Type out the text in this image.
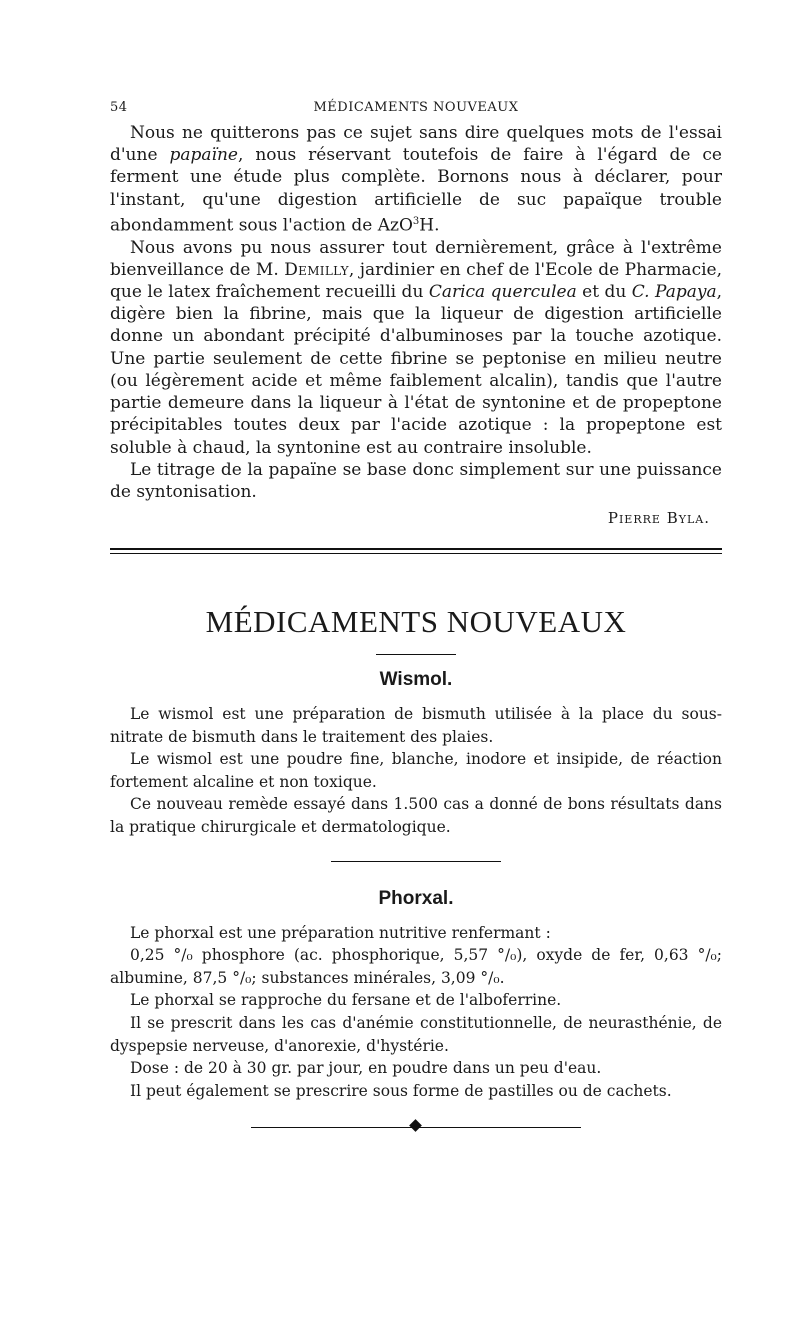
54	MÉDICAMENTS NOUVEAUX

Nous ne quitterons pas ce sujet sans dire quelques mots de l'essai d'une papaïne, nous réservant toutefois de faire à l'égard de ce ferment une étude plus complète. Bornons nous à déclarer, pour l'instant, qu'une digestion artificielle de suc papaïque trouble abondamment sous l'action de AzO$^3$H.

Nous avons pu nous assurer tout dernièrement, grâce à l'extrême bienveillance de M. Demilly, jardinier en chef de l'Ecole de Pharmacie, que le latex fraîchement recueilli du Carica querculea et du C. Papaya, digère bien la fibrine, mais que la liqueur de digestion artificielle donne un abondant précipité d'albuminoses par la touche azotique. Une partie seulement de cette fibrine se peptonise en milieu neutre (ou légèrement acide et même faiblement alcalin), tandis que l'autre partie demeure dans la liqueur à l'état de syntonine et de propeptone précipitables toutes deux par l'acide azotique : la propeptone est soluble à chaud, la syntonine est au contraire insoluble.

Le titrage de la papaïne se base donc simplement sur une puissance de syntonisation.

Pierre Byla.
MÉDICAMENTS NOUVEAUX
Wismol.

Le wismol est une préparation de bismuth utilisée à la place du sous-nitrate de bismuth dans le traitement des plaies.

Le wismol est une poudre fine, blanche, inodore et insipide, de réaction fortement alcaline et non toxique.

Ce nouveau remède essayé dans 1.500 cas a donné de bons résultats dans la pratique chirurgicale et dermatologique.

Phorxal.

Le phorxal est une préparation nutritive renfermant :

0,25 °/₀ phosphore (ac. phosphorique, 5,57 °/₀), oxyde de fer, 0,63 °/₀; albumine, 87,5 °/₀; substances minérales, 3,09 °/₀.

Le phorxal se rapproche du fersane et de l'alboferrine.

Il se prescrit dans les cas d'anémie constitutionnelle, de neurasthénie, de dyspepsie nerveuse, d'anorexie, d'hystérie.

Dose : de 20 à 30 gr. par jour, en poudre dans un peu d'eau.

Il peut également se prescrire sous forme de pastilles ou de cachets.
